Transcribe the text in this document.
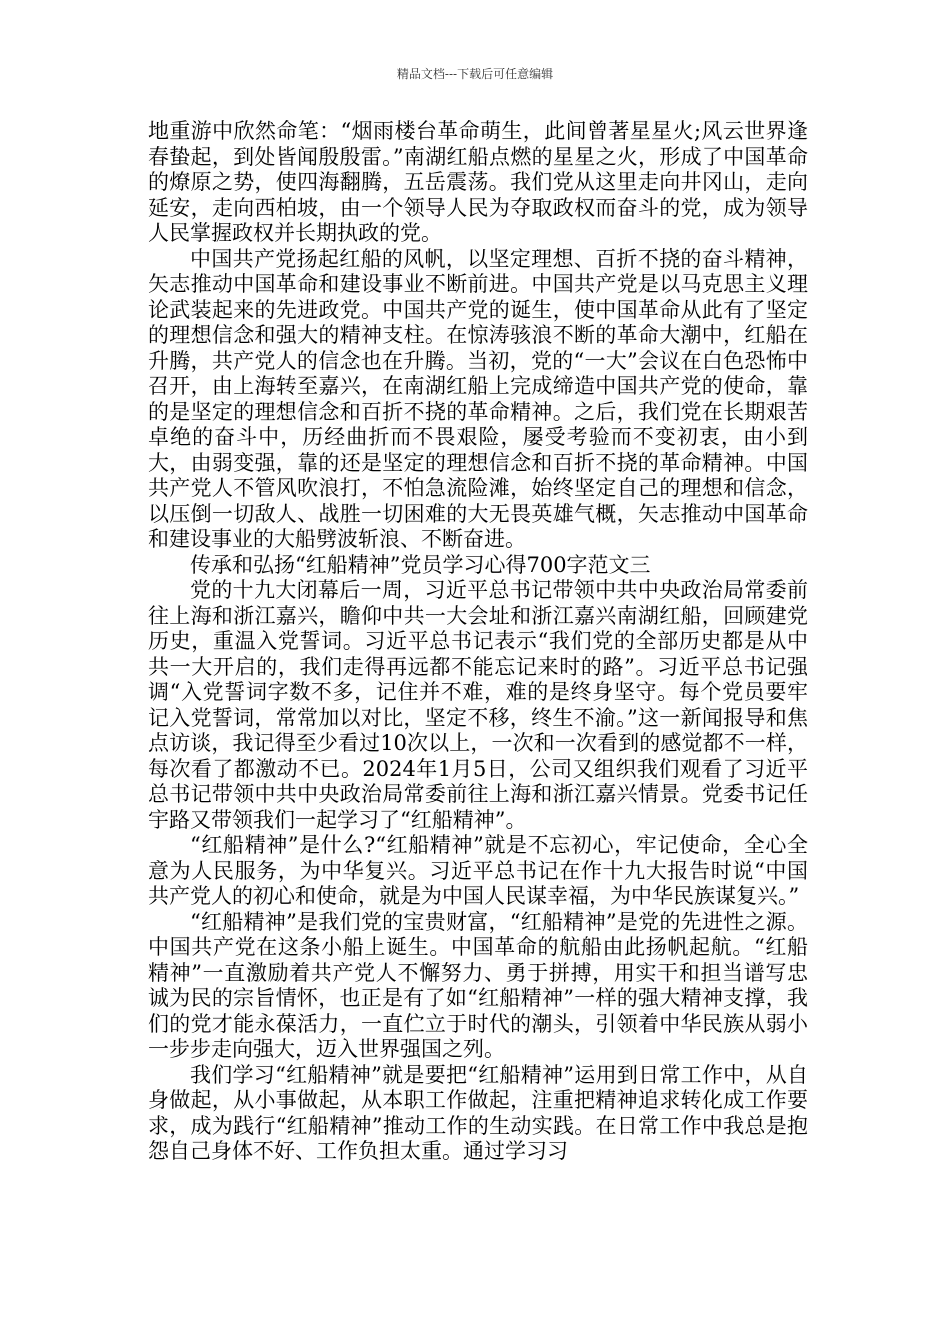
精品文档---下载后可任意编辑

地重游中欣然命笔：“烟雨楼台革命萌生，此间曾著星星火;风云世界逢春蛰起，到处皆闻殷殷雷。”南湖红船点燃的星星之火，形成了中国革命的燎原之势，使四海翻腾，五岳震荡。我们党从这里走向井冈山，走向延安，走向西柏坡，由一个领导人民为夺取政权而奋斗的党，成为领导人民掌握政权并长期执政的党。

中国共产党扬起红船的风帆，以坚定理想、百折不挠的奋斗精神，矢志推动中国革命和建设事业不断前进。中国共产党是以马克思主义理论武装起来的先进政党。中国共产党的诞生，使中国革命从此有了坚定的理想信念和强大的精神支柱。在惊涛骇浪不断的革命大潮中，红船在升腾，共产党人的信念也在升腾。当初，党的“一大”会议在白色恐怖中召开，由上海转至嘉兴，在南湖红船上完成缔造中国共产党的使命，靠的是坚定的理想信念和百折不挠的革命精神。之后，我们党在长期艰苦卓绝的奋斗中，历经曲折而不畏艰险，屡受考验而不变初衷，由小到大，由弱变强，靠的还是坚定的理想信念和百折不挠的革命精神。中国共产党人不管风吹浪打，不怕急流险滩，始终坚定自己的理想和信念，以压倒一切敌人、战胜一切困难的大无畏英雄气概，矢志推动中国革命和建设事业的大船劈波斩浪、不断奋进。

传承和弘扬“红船精神”党员学习心得700字范文三

党的十九大闭幕后一周，习近平总书记带领中共中央政治局常委前往上海和浙江嘉兴，瞻仰中共一大会址和浙江嘉兴南湖红船，回顾建党历史，重温入党誓词。习近平总书记表示“我们党的全部历史都是从中共一大开启的，我们走得再远都不能忘记来时的路”。习近平总书记强调“入党誓词字数不多，记住并不难，难的是终身坚守。每个党员要牢记入党誓词，常常加以对比，坚定不移，终生不渝。”这一新闻报导和焦点访谈，我记得至少看过10次以上，一次和一次看到的感觉都不一样，每次看了都激动不已。2024年1月5日，公司又组织我们观看了习近平总书记带领中共中央政治局常委前往上海和浙江嘉兴情景。党委书记任宇路又带领我们一起学习了“红船精神”。

“红船精神”是什么?“红船精神”就是不忘初心，牢记使命，全心全意为人民服务，为中华复兴。习近平总书记在作十九大报告时说“中国共产党人的初心和使命，就是为中国人民谋幸福，为中华民族谋复兴。”

“红船精神”是我们党的宝贵财富，“红船精神”是党的先进性之源。中国共产党在这条小船上诞生。中国革命的航船由此扬帆起航。“红船精神”一直激励着共产党人不懈努力、勇于拼搏，用实干和担当谱写忠诚为民的宗旨情怀，也正是有了如“红船精神”一样的强大精神支撑，我们的党才能永葆活力，一直伫立于时代的潮头，引领着中华民族从弱小一步步走向强大，迈入世界强国之列。

我们学习“红船精神”就是要把“红船精神”运用到日常工作中，从自身做起，从小事做起，从本职工作做起，注重把精神追求转化成工作要求，成为践行“红船精神”推动工作的生动实践。在日常工作中我总是抱怨自己身体不好、工作负担太重。通过学习习
